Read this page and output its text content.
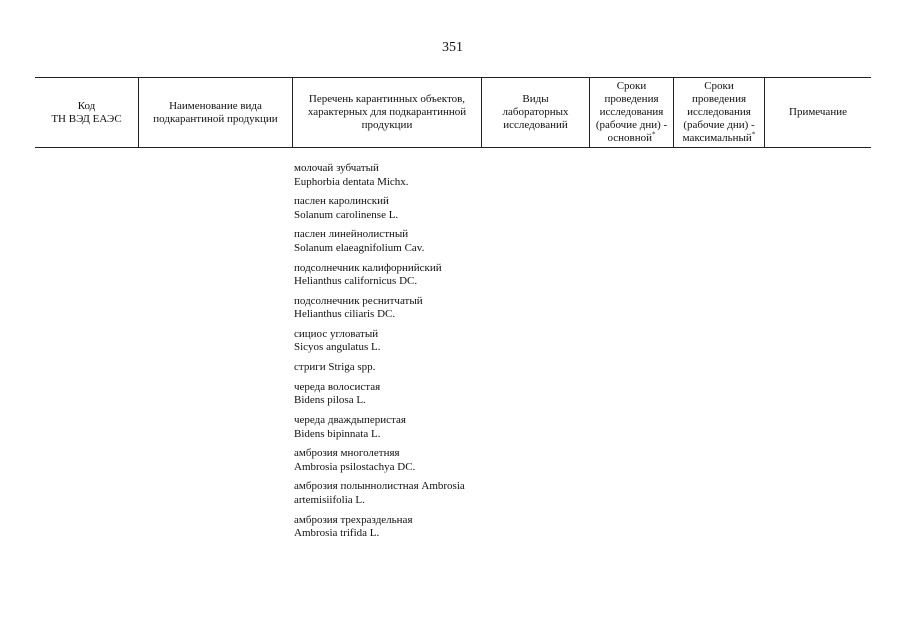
351
Код
ТН ВЭД ЕАЭС
Наименование вида
подкарантиной продукции
Перечень карантинных объектов,
характерных для подкарантинной
продукции
Виды
лабораторных
исследований
Сроки
проведения
исследования
(рабочие дни) -
основной*
Сроки
проведения
исследования
(рабочие дни) -
максимальный*
Примечание
молочай зубчатый
Euphorbia dentata Michx.
паслен каролинский
Solanum carolinense L.
паслен линейнолистный
Solanum elaeagnifolium Cav.
подсолнечник калифорнийский
Helianthus californicus DC.
подсолнечник реснитчатый
Helianthus ciliaris DC.
сициос угловатый
Sicyos angulatus L.
стриги Striga spp.
череда волосистая
Bidens pilosa L.
череда дваждыперистая
Bidens bipinnata L.
амброзия многолетняя
Ambrosia psilostachya DC.
амброзия полыннолистная Ambrosia
artemisiifolia L.
амброзия трехраздельная
Ambrosia trifida L.
